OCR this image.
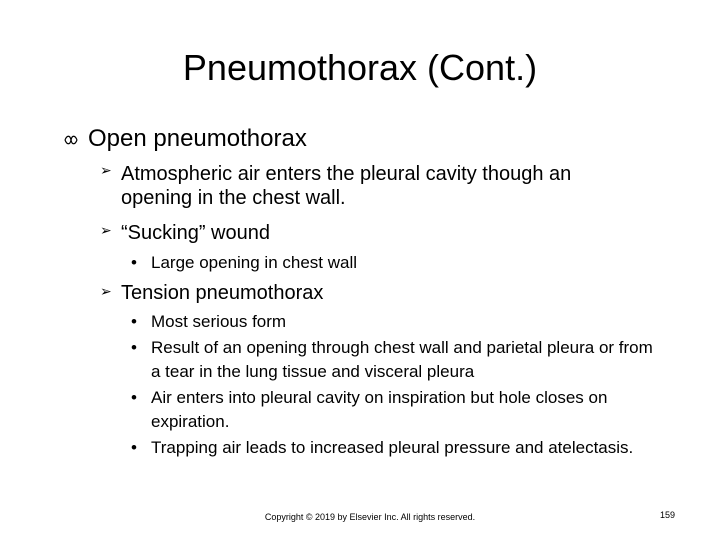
Pneumothorax (Cont.)
Open pneumothorax
➢ Atmospheric air enters the pleural cavity though an opening in the chest wall.
➢ “Sucking” wound
• Large opening in chest wall
➢ Tension pneumothorax
• Most serious form
• Result of an opening through chest wall and parietal pleura or from a tear in the lung tissue and visceral pleura
• Air enters into pleural cavity on inspiration but hole closes on expiration.
• Trapping air leads to increased pleural pressure and atelectasis.
Copyright © 2019 by Elsevier Inc. All rights reserved.	159
